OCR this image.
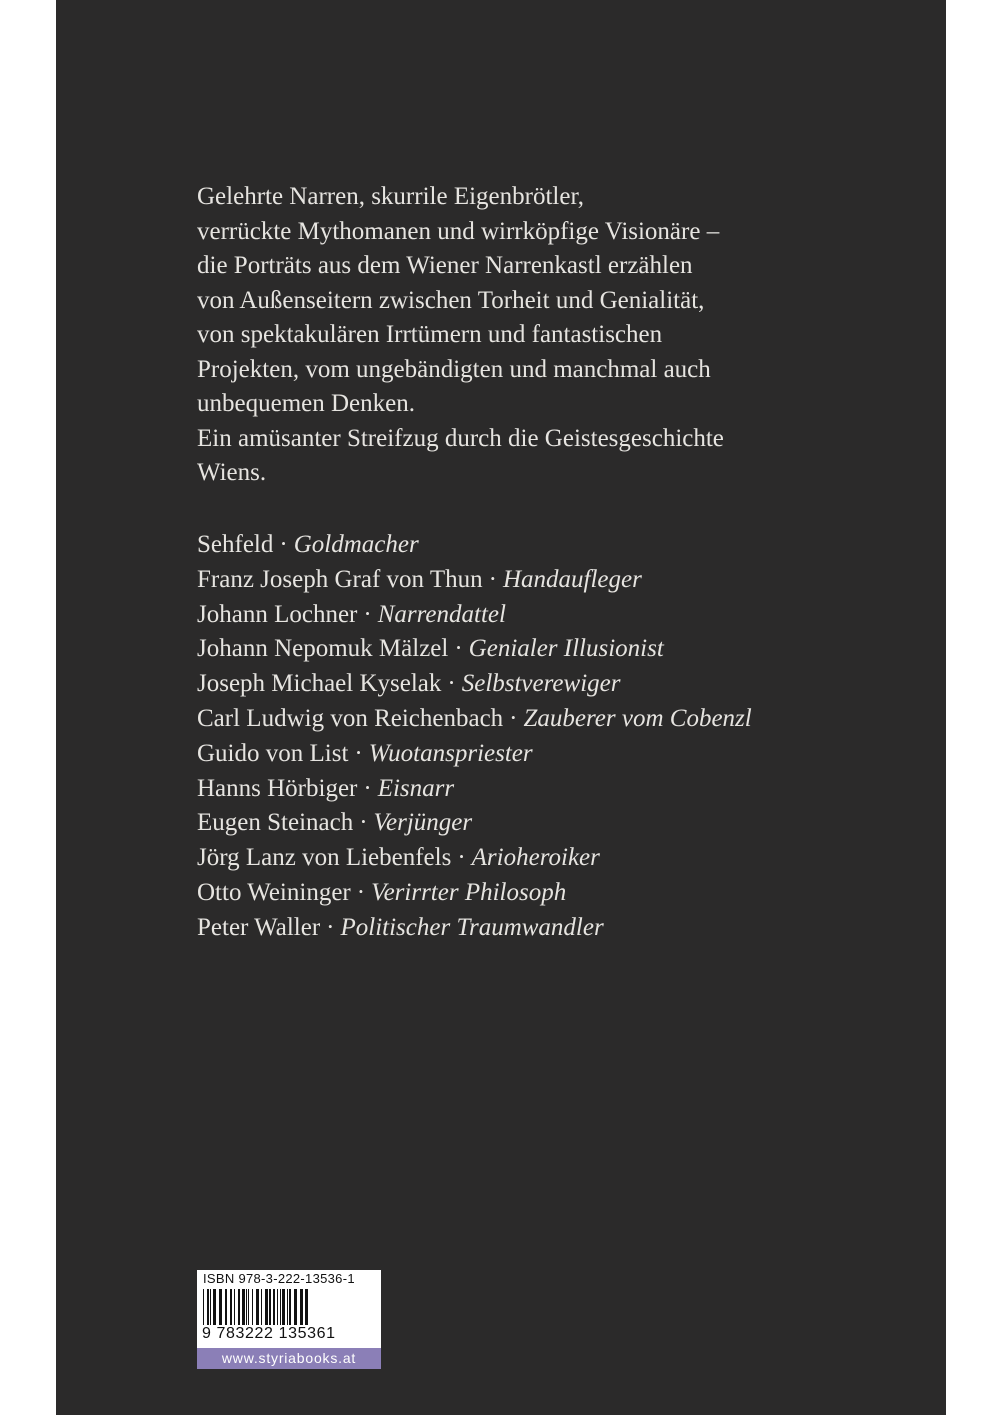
Gelehrte Narren, skurrile Eigenbrötler,
verrückte Mythomanen und wirrköpfige Visionäre –
die Porträts aus dem Wiener Narrenkastl erzählen
von Außenseitern zwischen Torheit und Genialität,
von spektakulären Irrtümern und fantastischen
Projekten, vom ungebändigten und manchmal auch
unbequemen Denken.
Ein amüsanter Streifzug durch die Geistesgeschichte
Wiens.
Sehfeld · Goldmacher
Franz Joseph Graf von Thun · Handaufleger
Johann Lochner · Narrendattel
Johann Nepomuk Mälzel · Genialer Illusionist
Joseph Michael Kyselak · Selbstverewiger
Carl Ludwig von Reichenbach · Zauberer vom Cobenzl
Guido von List · Wuotanspriester
Hanns Hörbiger · Eisnarr
Eugen Steinach · Verjünger
Jörg Lanz von Liebenfels · Arioheroiker
Otto Weininger · Verirrter Philosoph
Peter Waller · Politischer Traumwandler
ISBN 978-3-222-13536-1
9 783222 135361
www.styriabooks.at
